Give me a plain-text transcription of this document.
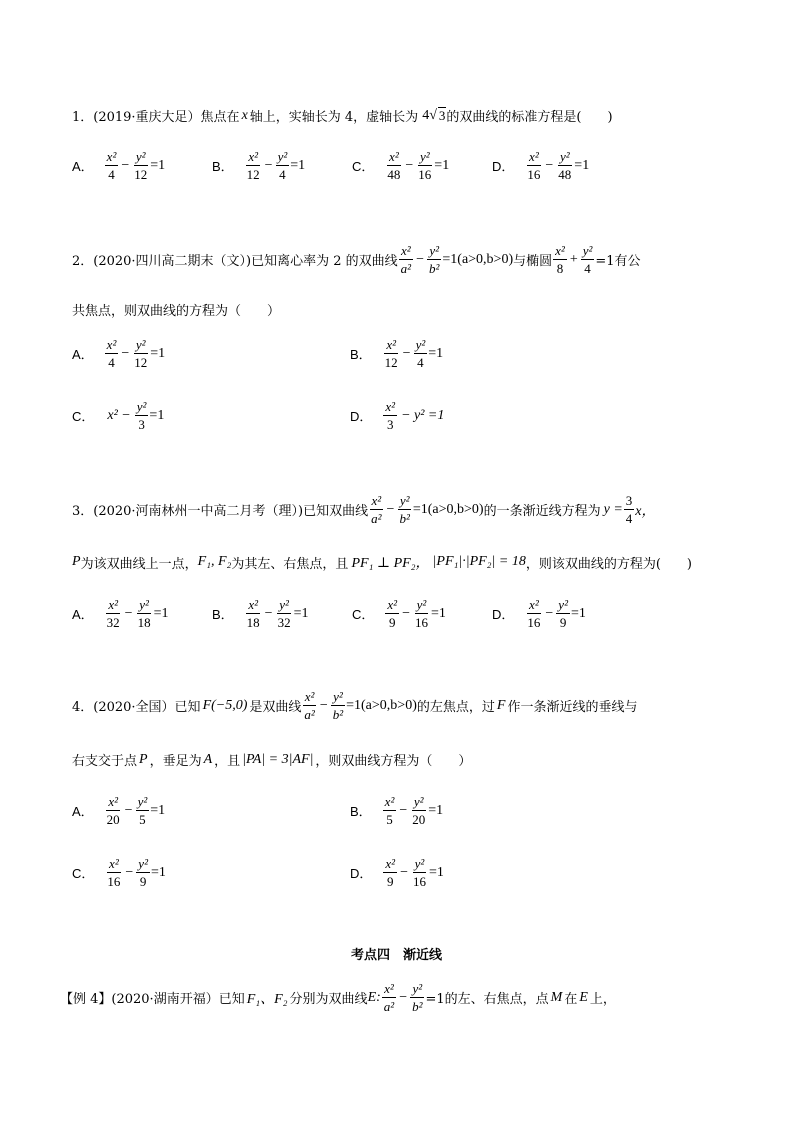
1．(2019·重庆大足）焦点在 x 轴上，实轴长为 4，虚轴长为 4 √ 3 的双曲线的标准方程是(　　)
A． $\frac{\text{x²}}{4} - \frac{\text{y²}}{12} =1$	B． $\frac{\text{x²}}{12} - \frac{\text{y²}}{4} =1$	C． $\frac{\text{x²}}{48} - \frac{\text{y²}}{16} =1$	D． $\frac{\text{x²}}{16} - \frac{\text{y²}}{48} =1$
2．(2020·四川高二期末（文）)已知离心率为 2 的双曲线 $\frac{\text{x²}}{\text{a²}} - \frac{\text{y²}}{\text{b²}} =1(a>0,b>0)$ 与椭圆 $\frac{\text{x²}}{8} + \frac{\text{y²}}{4} =1$有公
共焦点，则双曲线的方程为（　　）
A． $\frac{\text{x²}}{4} - \frac{\text{y²}}{12} =1$	B． $\frac{\text{x²}}{12} - \frac{\text{y²}}{4} =1$
C． $x^2 - \frac{\text{y²}}{3} =1$	D． $\frac{\text{x²}}{3} - y^2 =1$
3．(2020·河南林州一中高二月考（理）)已知双曲线 $\frac{\text{x²}}{\text{a²}} - \frac{\text{y²}}{\text{b²}} =1(a>0,b>0)$ 的一条渐近线方程为 $y = \frac{3}{4}$ x，
P 为该双曲线上一点， F₁, F₂ 为其左、右焦点，且 PF₁ ⊥ PF₂， |PF₁|·|PF₂| = 18 ，则该双曲线的方程为(　　)
A． $\frac{\text{x²}}{32} - \frac{\text{y²}}{18} =1$	B． $\frac{\text{x²}}{18} - \frac{\text{y²}}{32} =1$	C． $\frac{\text{x²}}{9} - \frac{\text{y²}}{16} =1$	D． $\frac{\text{x²}}{16} - \frac{\text{y²}}{9} =1$
4．(2020·全国）已知 F(−5,0) 是双曲线 $\frac{\text{x²}}{\text{a²}} - \frac{\text{y²}}{\text{b²}} =1(a>0,b>0)$ 的左焦点，过 F 作一条渐近线的垂线与
右支交于点 P ，垂足为 A ，且 |PA| = 3|AF| ，则双曲线方程为（　　）
A． $\frac{\text{x²}}{20} - \frac{\text{y²}}{5} =1$	B． $\frac{\text{x²}}{5} - \frac{\text{y²}}{20} =1$
C． $\frac{\text{x²}}{16} - \frac{\text{y²}}{9} =1$	D． $\frac{\text{x²}}{9} - \frac{\text{y²}}{16} =1$
考点四　渐近线
【例 4】(2020·湖南开福）已知 F₁、F₂ 分别为双曲线 E: $\frac{\text{x²}}{\text{a²}} - \frac{\text{y²}}{\text{b²}} =1$的左、右焦点，点 M 在 E 上，
